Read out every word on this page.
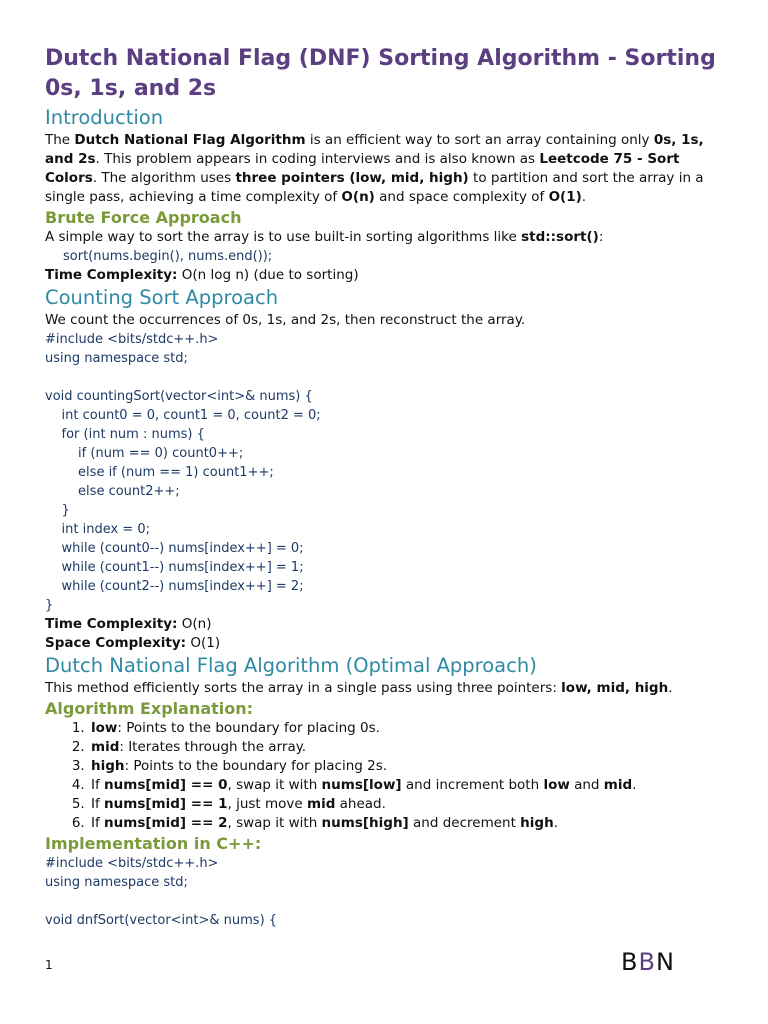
Dutch National Flag (DNF) Sorting Algorithm - Sorting 0s, 1s, and 2s
Introduction

The Dutch National Flag Algorithm is an efficient way to sort an array containing only 0s, 1s, and 2s. This problem appears in coding interviews and is also known as Leetcode 75 - Sort Colors. The algorithm uses three pointers (low, mid, high) to partition and sort the array in a single pass, achieving a time complexity of O(n) and space complexity of O(1).

Brute Force Approach

A simple way to sort the array is to use built-in sorting algorithms like std::sort():

sort(nums.begin(), nums.end());

Time Complexity: O(n log n) (due to sorting)

Counting Sort Approach

We count the occurrences of 0s, 1s, and 2s, then reconstruct the array.

#include <bits/stdc++.h>
using namespace std;
void countingSort(vector<int>& nums) {
int count0 = 0, count1 = 0, count2 = 0;
for (int num : nums) {
if (num == 0) count0++;
else if (num == 1) count1++;
else count2++;
}
int index = 0;
while (count0--) nums[index++] = 0;
while (count1--) nums[index++] = 1;
while (count2--) nums[index++] = 2;
}

Time Complexity: O(n)

Space Complexity: O(1)

Dutch National Flag Algorithm (Optimal Approach)

This method efficiently sorts the array in a single pass using three pointers: low, mid, high.

Algorithm Explanation:
1. low: Points to the boundary for placing 0s.
2. mid: Iterates through the array.
3. high: Points to the boundary for placing 2s.
4. If nums[mid] == 0, swap it with nums[low] and increment both low and mid.
5. If nums[mid] == 1, just move mid ahead.
6. If nums[mid] == 2, swap it with nums[high] and decrement high.
Implementation in C++:
#include <bits/stdc++.h>
using namespace std;
void dnfSort(vector<int>& nums) {
1	BBN
